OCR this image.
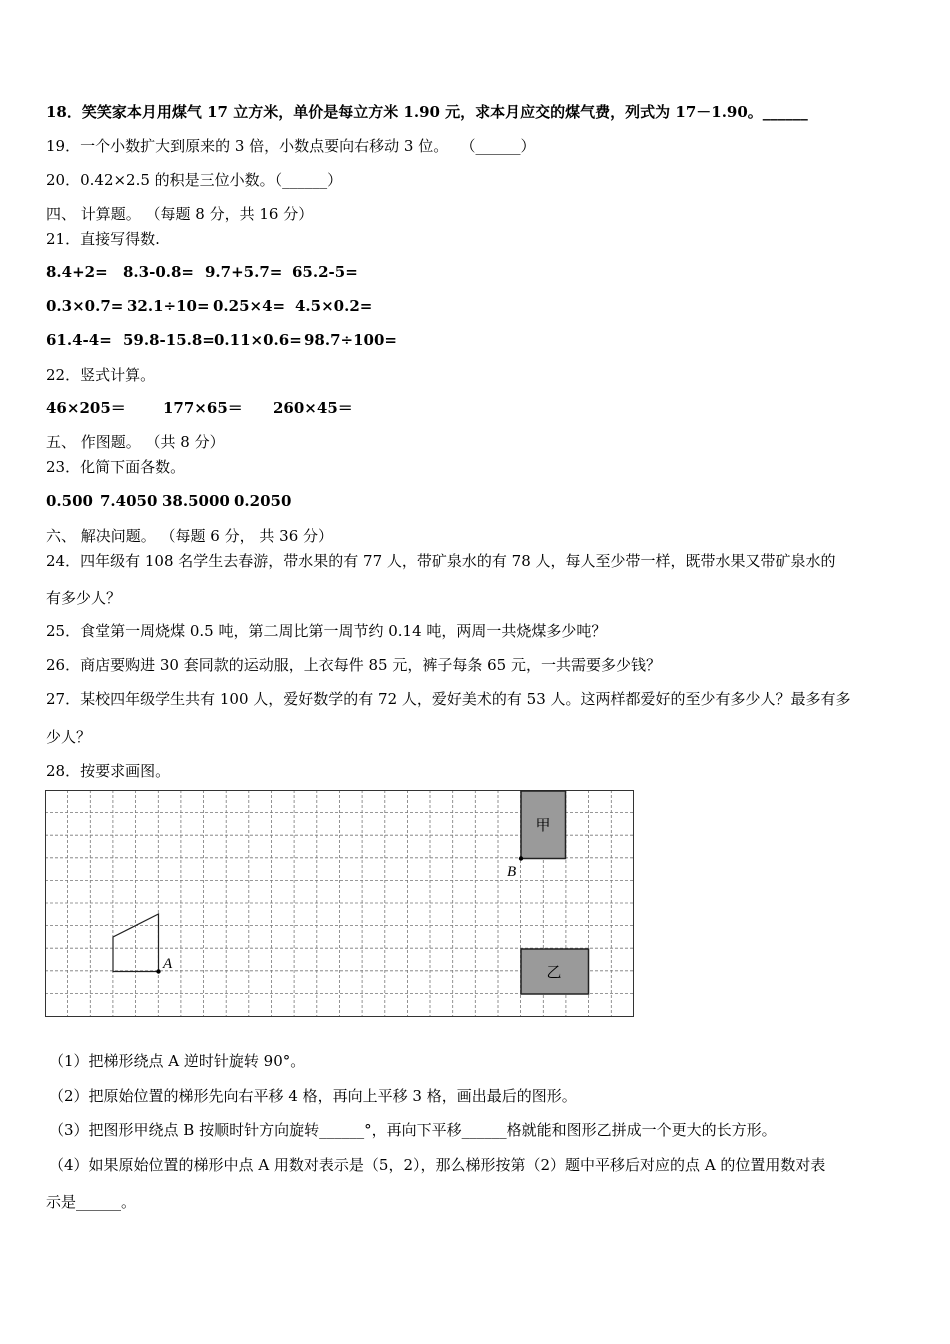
18．笑笑家本月用煤气 17 立方米，单价是每立方米 1.90 元，求本月应交的煤气费，列式为 17－1.90。______
19．一个小数扩大到原来的 3 倍，小数点要向右移动 3 位。　 （______）
20．0.42×2.5 的积是三位小数。（______）
四、 计算题。 （每题 8 分，共 16 分）
21．直接写得数.
8.4+2= 8.3-0.8= 9.7+5.7= 65.2-5=
0.3×0.7= 32.1÷10= 0.25×4= 4.5×0.2=
61.4-4= 59.8-15.8=0.11×0.6= 98.7÷100=
22．竖式计算。
46×205＝ 177×65＝ 260×45＝
五、 作图题。 （共 8 分）
23．化简下面各数。
0.500 7.4050 38.5000 0.2050
六、 解决问题。 （每题 6 分， 共 36 分）
24．四年级有 108 名学生去春游，带水果的有 77 人，带矿泉水的有 78 人，每人至少带一样，既带水果又带矿泉水的
有多少人？
25．食堂第一周烧煤 0.5 吨，第二周比第一周节约 0.14 吨，两周一共烧煤多少吨？
26．商店要购进 30 套同款的运动服，上衣每件 85 元，裤子每条 65 元，一共需要多少钱？
27．某校四年级学生共有 100 人，爱好数学的有 72 人，爱好美术的有 53 人。这两样都爱好的至少有多少人？最多有多
少人？
28．按要求画图。
甲
B
乙
A
（1）把梯形绕点 A 逆时针旋转 90°。
（2）把原始位置的梯形先向右平移 4 格，再向上平移 3 格，画出最后的图形。
（3）把图形甲绕点 B 按顺时针方向旋转______°，再向下平移______格就能和图形乙拼成一个更大的长方形。
（4）如果原始位置的梯形中点 A 用数对表示是（5，2），那么梯形按第（2）题中平移后对应的点 A 的位置用数对表
示是______。
